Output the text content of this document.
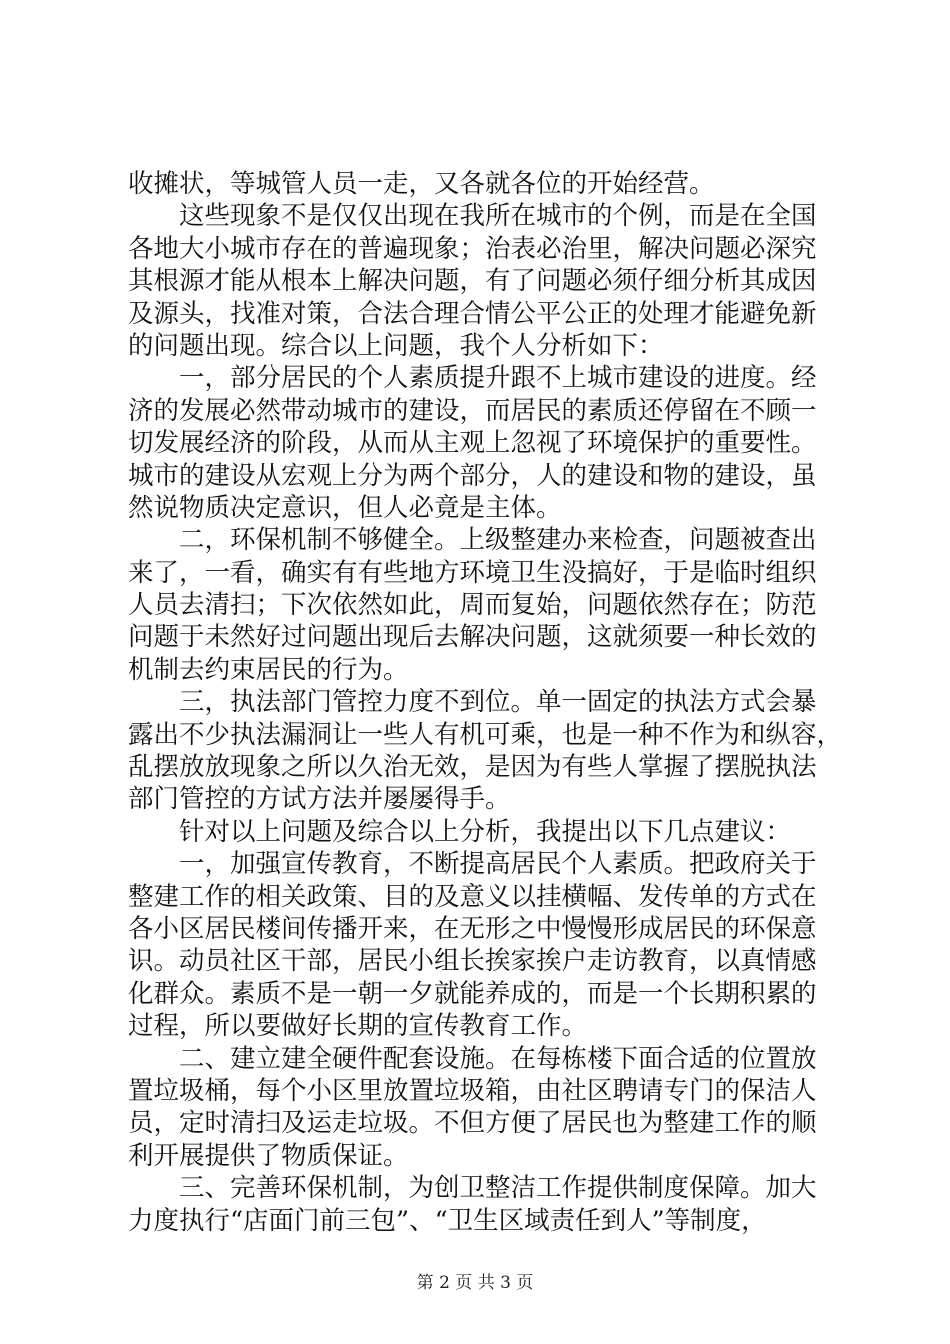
收摊状，等城管人员一走，又各就各位的开始经营。
　　这些现象不是仅仅出现在我所在城市的个例，而是在全国
各地大小城市存在的普遍现象；治表必治里，解决问题必深究
其根源才能从根本上解决问题，有了问题必须仔细分析其成因
及源头，找准对策，合法合理合情公平公正的处理才能避免新
的问题出现。综合以上问题，我个人分析如下：
　　一，部分居民的个人素质提升跟不上城市建设的进度。经
济的发展必然带动城市的建设，而居民的素质还停留在不顾一
切发展经济的阶段，从而从主观上忽视了环境保护的重要性。
城市的建设从宏观上分为两个部分，人的建设和物的建设，虽
然说物质决定意识，但人必竟是主体。
　　二，环保机制不够健全。上级整建办来检查，问题被查出
来了，一看，确实有有些地方环境卫生没搞好，于是临时组织
人员去清扫；下次依然如此，周而复始，问题依然存在；防范
问题于未然好过问题出现后去解决问题，这就须要一种长效的
机制去约束居民的行为。
　　三，执法部门管控力度不到位。单一固定的执法方式会暴
露出不少执法漏洞让一些人有机可乘，也是一种不作为和纵容，
乱摆放放现象之所以久治无效，是因为有些人掌握了摆脱执法
部门管控的方试方法并屡屡得手。
　　针对以上问题及综合以上分析，我提出以下几点建议：
　　一，加强宣传教育，不断提高居民个人素质。把政府关于
整建工作的相关政策、目的及意义以挂横幅、发传单的方式在
各小区居民楼间传播开来，在无形之中慢慢形成居民的环保意
识。动员社区干部，居民小组长挨家挨户走访教育，以真情感
化群众。素质不是一朝一夕就能养成的，而是一个长期积累的
过程，所以要做好长期的宣传教育工作。
　　二、建立建全硬件配套设施。在每栋楼下面合适的位置放
置垃圾桶，每个小区里放置垃圾箱，由社区聘请专门的保洁人
员，定时清扫及运走垃圾。不但方便了居民也为整建工作的顺
利开展提供了物质保证。
　　三、完善环保机制，为创卫整洁工作提供制度保障。加大
力度执行“店面门前三包”、“卫生区域责任到人”等制度，
第 2 页 共 3 页
